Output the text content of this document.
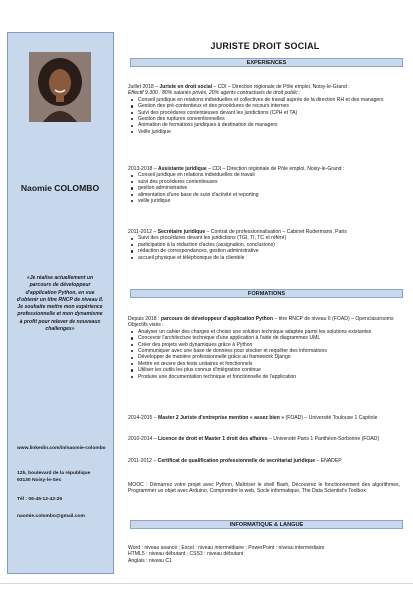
Naomie COLOMBO
«Je réalise actuellement un parcours de développeur d'application Python, en vue d'obtenir un titre RNCP de niveau II. Je souhaite mettre mon expérience professionnelle et mon dynamisme à profit pour relever de nouveaux challenges»
www.linkedin.com/in/naomie-colombo
12b, boulevard de la république
93130 Noisy-le-Sec
Tél : 06-45-12-42-26
naomie.colombo@gmail.com
JURISTE DROIT SOCIAL
EXPERIENCES

Juillet 2018 – Juriste en droit social – CDI – Direction régionale de Pôle emploi, Noisy-le-Grand :

Effectif 9.300 : 80% salariés privés, 20% agents contractuels de droit public :

Conseil juridique en relations individuelles et collectives de travail auprès de la direction RH et des managers
Gestion des pré-contentieux et des procédures de recours internes
Suivi des procédures contentieuses devant les juridictions (CPH et TA)
Gestion des ruptures conventionnelles
Animation de formations juridiques à destination de managers
Veille juridique

2013-2018 – Assistante juridique – CDI – Direction régionale de Pôle emploi, Noisy-le-Grand :

Conseil juridique en relations individuelles de travail
suivi des procédures contentieuses
gestion administrative
alimentation d'une base de suivi d'activité et reporting
veille juridique

2011-2012 – Secrétaire juridique – Contrat de professionnalisation – Cabinet Rudermann, Paris

Suivi des procédures devant les juridictions (TGI, TI, TC et référé)
participation à la rédaction d'actes (assignation, conclusions)
rédaction de correspondances, gestion administrative
accueil physique et téléphonique de la clientèle
FORMATIONS

Depuis 2018 : parcours de développeur d'application Python – titre RNCP de niveau II (FOAD) – Openclassrooms

Objectifs visés :

Analyser un cahier des charges et choisir une solution technique adaptée parmi les solutions existantes
Concevoir l'architecture technique d'une application à l'aide de diagrammes UML
Créer des projets web dynamiques grâce à Python
Communiquer avec une base de données pour stocker et requêter des informations
Développer de manière professionnelle grâce au framework Django
Mettre en œuvre des tests unitaires et fonctionnels
Utiliser les outils les plus connus d'intégration continue
Produire une documentation technique et fonctionnelle de l'application

2014-2015 – Master 2 Juriste d'entreprise mention « assez bien » (FOAD) – Université Toulouse 1 Capitole

2010-2014 – Licence de droit et Master 1 droit des affaires – Université Paris 1 Panthéon-Sorbonne (FOAD)

2011-2012 – Certificat de qualification professionnelle de secrétariat juridique – ENADEP

MOOC : Démarrez votre projet avec Python, Maîtriser le shell Bash, Découvrez le fonctionnement des algorithmes, Programmer un objet avec Arduino, Comprendre le web, Socle informatique, The Data Scientist's Toolbox

INFORMATIQUE & LANGUE

Word : niveau avancé ; Excel : niveau intermédiaire ; PowerPoint : niveau intermédiaire

HTML5 : niveau débutant ; CSS3 : niveau débutant

Anglais : niveau C1
